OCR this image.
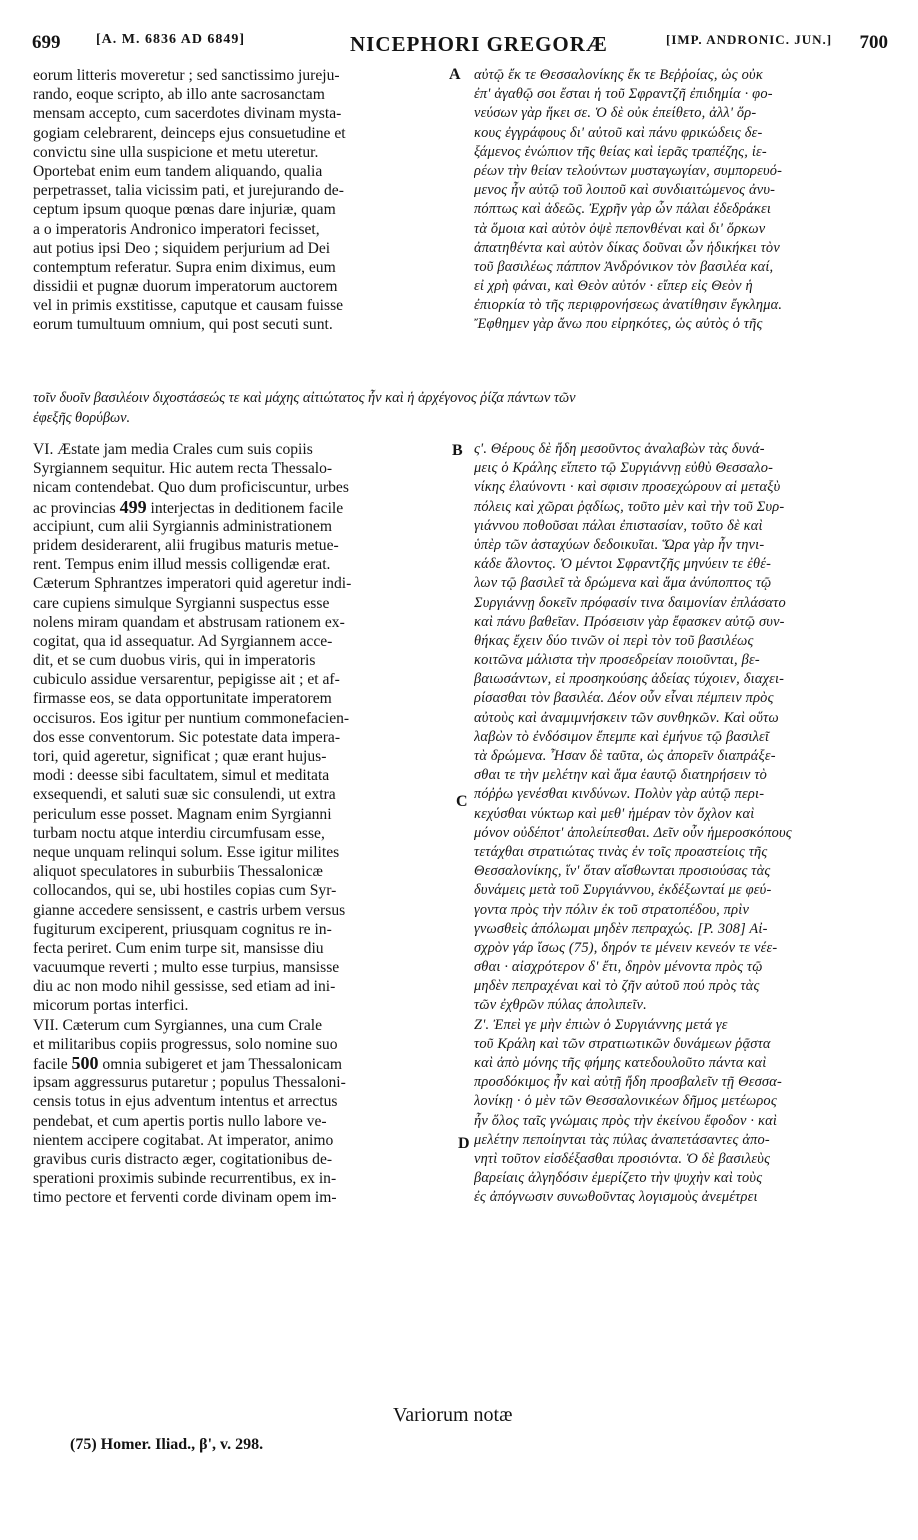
699	[A. M. 6836 AD 6849]	NICEPHORI GREGORÆ	[IMP. ANDRONIC. JUN.] 700
eorum litteris moveretur ; sed sanctissimo jureju-
rando, eoque scripto, ab illo ante sacrosanctam
mensam accepto, cum sacerdotes divinam mysta-
gogiam celebrarent, deinceps ejus consuetudine et
convictu sine ulla suspicione et metu uteretur.
Oportebat enim eum tandem aliquando, qualia
perpetrasset, talia vicissim pati, et jurejurando de-
ceptum ipsum quoque pœnas dare injuriæ, quam
a o imperatoris Andronico imperatori fecisset,
aut potius ipsi Deo ; siquidem perjurium ad Dei
contemptum referatur. Supra enim diximus, eum
dissidii et pugnæ duorum imperatorum auctorem
vel in primis exstitisse, caputque et causam fuisse
eorum tumultuum omnium, qui post secuti sunt.
αὐτῷ ἔκ τε Θεσσαλονίκης ἔκ τε Βεῤῥοίας, ὡς οὐκ
ἐπ' ἀγαθῷ σοι ἔσται ἡ τοῦ Σφραντζῆ ἐπιδημία · φο-
νεύσων γὰρ ἥκει σε. Ὁ δὲ οὐκ ἐπείθετο, ἀλλ' ὅρ-
κους ἐγγράφους δι' αὐτοῦ καὶ πάνυ φρικώδεις δε-
ξάμενος ἐνώπιον τῆς θείας καὶ ἱερᾶς τραπέζης, ἱε-
ρέων τὴν θείαν τελούντων μυσταγωγίαν, συμπορευό-
μενος ἦν αὐτῷ τοῦ λοιποῦ καὶ συνδιαιτώμενος ἀνυ-
πόπτως καὶ ἀδεῶς. Ἐχρῆν γὰρ ὧν πάλαι ἐδεδράκει
τὰ ὅμοια καὶ αὐτὸν ὀψὲ πεπονθέναι καὶ δι' ὅρκων
ἀπατηθέντα καὶ αὐτὸν δίκας δοῦναι ὧν ἠδικήκει τὸν
τοῦ βασιλέως πάππον Ἀνδρόνικον τὸν βασιλέα καί,
εἰ χρὴ φάναι, καὶ Θεὸν αὐτόν · εἴπερ εἰς Θεὸν ἡ
ἐπιορκία τὸ τῆς περιφρονήσεως ἀνατίθησιν ἔγκλημα.
Ἔφθημεν γὰρ ἄνω που εἰρηκότες, ὡς αὐτὸς ὁ τῆς
τοῖν δυοῖν βασιλέοιν διχοστάσεώς τε καὶ μάχης αἰτιώτατος ἦν καὶ ἡ ἀρχέγονος ῥίζα πάντων τῶν
ἐφεξῆς θορύβων.
VI. Æstate jam media Crales cum suis copiis
Syrgiannem sequitur. Hic autem recta Thessalo-
nicam contendebat. Quo dum proficiscuntur, urbes
ac provincias 499 interjectas in deditionem facile
accipiunt, cum alii Syrgiannis administrationem
pridem desiderarent, alii frugibus maturis metue-
rent. Tempus enim illud messis colligendæ erat.
Cæterum Sphrantzes imperatori quid ageretur indi-
care cupiens simulque Syrgianni suspectus esse
nolens miram quandam et abstrusam rationem ex-
cogitat, qua id assequatur. Ad Syrgiannem acce-
dit, et se cum duobus viris, qui in imperatoris
cubiculo assidue versarentur, pepigisse ait ; et af-
firmasse eos, se data opportunitate imperatorem
occisuros. Eos igitur per nuntium commonefacien-
dos esse conventorum. Sic potestate data impera-
tori, quid ageretur, significat ; quæ erant hujus-
modi : deesse sibi facultatem, simul et meditata
exsequendi, et saluti suæ sic consulendi, ut extra
periculum esse posset. Magnam enim Syrgianni
turbam noctu atque interdiu circumfusam esse,
neque unquam relinqui solum. Esse igitur milites
aliquot speculatores in suburbiis Thessalonicæ
collocandos, qui se, ubi hostiles copias cum Syr-
gianne accedere sensissent, e castris urbem versus
fugiturum exciperent, priusquam cognitus re in-
fecta periret. Cum enim turpe sit, mansisse diu
vacuumque reverti ; multo esse turpius, mansisse
diu ac non modo nihil gessisse, sed etiam ad ini-
micorum portas interfici.
VII. Cæterum cum Syrgiannes, una cum Crale
et militaribus copiis progressus, solo nomine suo
facile 500 omnia subigeret et jam Thessalonicam
ipsam aggressurus putaretur ; populus Thessaloni-
censis totus in ejus adventum intentus et arrectus
pendebat, et cum apertis portis nullo labore ve-
nientem accipere cogitabat. At imperator, animo
gravibus curis distracto æger, cogitationibus de-
sperationi proximis subinde recurrentibus, ex in-
timo pectore et ferventi corde divinam opem im-
ς'. Θέρους δὲ ἤδη μεσοῦντος ἀναλαβὼν τὰς δυνά-
μεις ὁ Κράλης εἵπετο τῷ Συργιάννῃ εὐθὺ Θεσσαλο-
νίκης ἐλαύνοντι · καὶ σφισιν προσεχώρουν αἱ μεταξὺ
πόλεις καὶ χῶραι ῥᾳδίως, τοῦτο μὲν καὶ τὴν τοῦ Συρ-
γιάννου ποθοῦσαι πάλαι ἐπιστασίαν, τοῦτο δὲ καὶ
ὑπὲρ τῶν ἀσταχύων δεδοικυῖαι. Ὥρα γὰρ ἦν τηνι-
κάδε ἄλοντος. Ὁ μέντοι Σφραντζῆς μηνύειν τε ἐθέ-
λων τῷ βασιλεῖ τὰ δρώμενα καὶ ἅμα ἀνύποπτος τῷ
Συργιάννῃ δοκεῖν πρόφασίν τινα δαιμονίαν ἐπλάσατο
καὶ πάνυ βαθεῖαν. Πρόσεισιν γὰρ ἔφασκεν αὐτῷ συν-
θήκας ἔχειν δύο τινῶν οἱ περὶ τὸν τοῦ βασιλέως
κοιτῶνα μάλιστα τὴν προσεδρείαν ποιοῦνται, βε-
βαιωσάντων, εἰ προσηκούσης ἀδείας τύχοιεν, διαχει-
ρίσασθαι τὸν βασιλέα. Δέον οὖν εἶναι πέμπειν πρὸς
αὐτοὺς καὶ ἀναμιμνήσκειν τῶν συνθηκῶν. Καὶ οὕτω
λαβὼν τὸ ἐνδόσιμον ἔπεμπε καὶ ἐμήνυε τῷ βασιλεῖ
τὰ δρώμενα. Ἦσαν δὲ ταῦτα, ὡς ἀπορεῖν διαπράξε-
σθαι τε τὴν μελέτην καὶ ἅμα ἑαυτῷ διατηρήσειν τὸ
πόῤῥω γενέσθαι κινδύνων. Πολὺν γὰρ αὐτῷ περι-
κεχύσθαι νύκτωρ καὶ μεθ' ἡμέραν τὸν ὄχλον καὶ
μόνον οὐδέποτ' ἀπολείπεσθαι. Δεῖν οὖν ἡμεροσκόπους
τετάχθαι στρατιώτας τινὰς ἐν τοῖς προαστείοις τῆς
Θεσσαλονίκης, ἵν' ὅταν αἴσθωνται προσιούσας τὰς
δυνάμεις μετὰ τοῦ Συργιάννου, ἐκδέξωνταί με φεύ-
γοντα πρὸς τὴν πόλιν ἐκ τοῦ στρατοπέδου, πρὶν
γνωσθεὶς ἀπόλωμαι μηδὲν πεπραχώς. [P. 308] Αἰ-
σχρὸν γάρ ἴσως (75), δηρόν τε μένειν κενεόν τε νέε-
σθαι · αἰσχρότερον δ' ἔτι, δηρὸν μένοντα πρὸς τῷ
μηδὲν πεπραχέναι καὶ τὸ ζῆν αὐτοῦ πού πρὸς τὰς
τῶν ἐχθρῶν πύλας ἀπολιπεῖν.
Ζ'. Ἐπεὶ γε μὴν ἐπιὼν ὁ Συργιάννης μετά γε
τοῦ Κράλη καὶ τῶν στρατιωτικῶν δυνάμεων ῥᾷστα
καὶ ἀπὸ μόνης τῆς φήμης κατεδουλοῦτο πάντα καὶ
προσδόκιμος ἦν καὶ αὐτῇ ἤδη προσβαλεῖν τῇ Θεσσα-
λονίκῃ · ὁ μὲν τῶν Θεσσαλονικέων δῆμος μετέωρος
ἦν ὅλος ταῖς γνώμαις πρὸς τὴν ἐκείνου ἔφοδον · καὶ
μελέτην πεποίηνται τὰς πύλας ἀναπετάσαντες ἀπο-
νητὶ τοῦτον εἰσδέξασθαι προσιόντα. Ὁ δὲ βασιλεὺς
βαρείαις ἀλγηδόσιν ἐμερίζετο τὴν ψυχὴν καὶ τοὺς
ἐς ἀπόγνωσιν συνωθοῦντας λογισμοὺς ἀνεμέτρει
A
B
C
D
Variorum notæ
(75) Homer. Iliad., β', v. 298.
